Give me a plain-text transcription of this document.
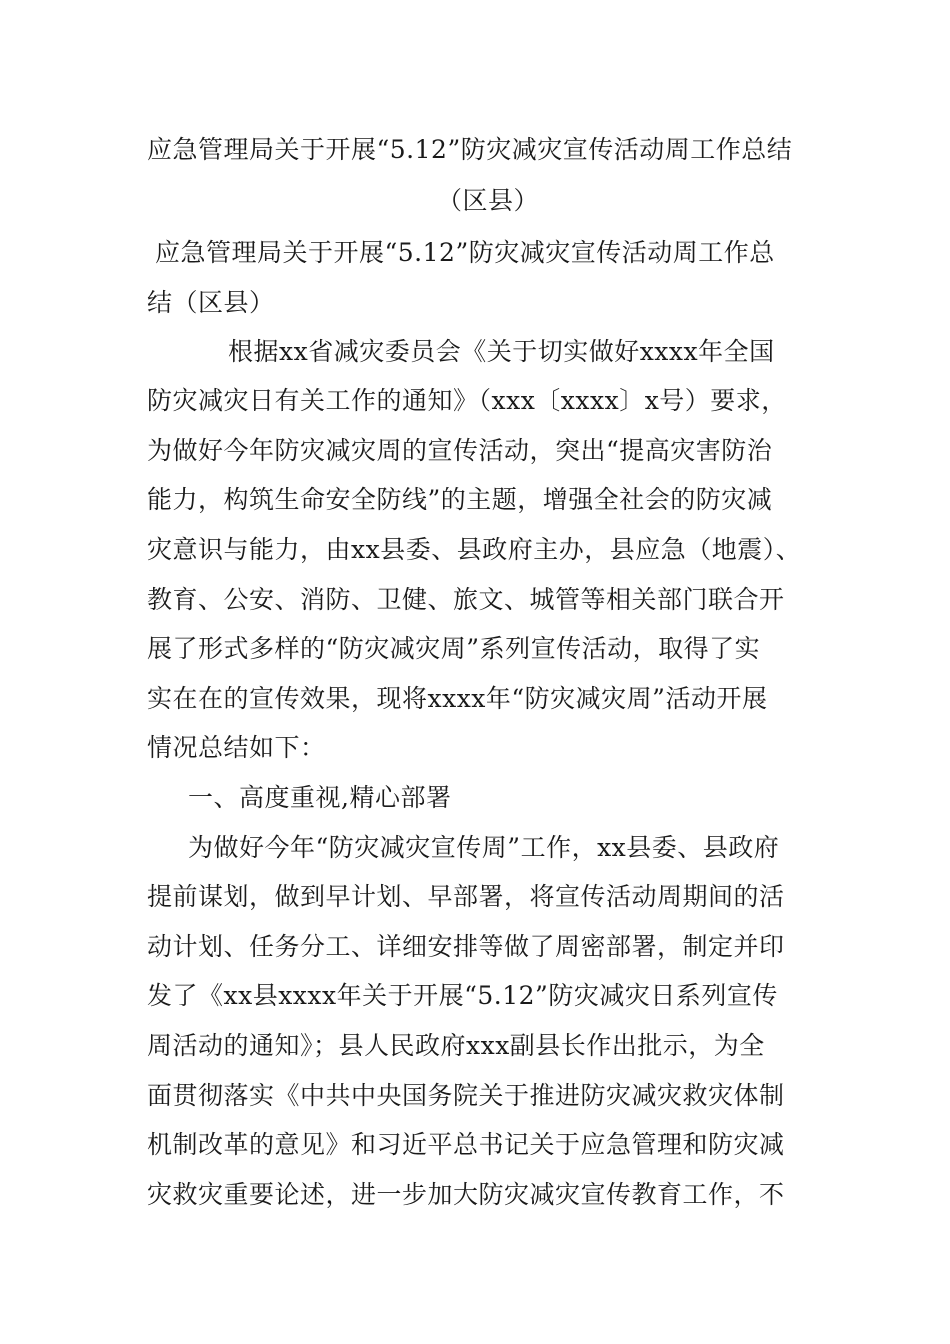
应急管理局关于开展“5.12”防灾减灾宣传活动周工作总结
（区县）
应急管理局关于开展“5.12”防灾减灾宣传活动周工作总
结（区县）
根据xx省减灾委员会《关于切实做好xxxx年全国
防灾减灾日有关工作的通知》（xxx〔xxxx〕x号）要求，
为做好今年防灾减灾周的宣传活动，突出“提高灾害防治
能力，构筑生命安全防线”的主题，增强全社会的防灾减
灾意识与能力，由xx县委、县政府主办，县应急（地震）、
教育、公安、消防、卫健、旅文、城管等相关部门联合开
展了形式多样的“防灾减灾周”系列宣传活动，取得了实
实在在的宣传效果，现将xxxx年“防灾减灾周”活动开展
情况总结如下：
一、高度重视,精心部署
为做好今年“防灾减灾宣传周”工作，xx县委、县政府
提前谋划，做到早计划、早部署，将宣传活动周期间的活
动计划、任务分工、详细安排等做了周密部署，制定并印
发了《xx县xxxx年关于开展“5.12”防灾减灾日系列宣传
周活动的通知》；县人民政府xxx副县长作出批示，为全
面贯彻落实《中共中央国务院关于推进防灾减灾救灾体制
机制改革的意见》和习近平总书记关于应急管理和防灾减
灾救灾重要论述，进一步加大防灾减灾宣传教育工作，不
